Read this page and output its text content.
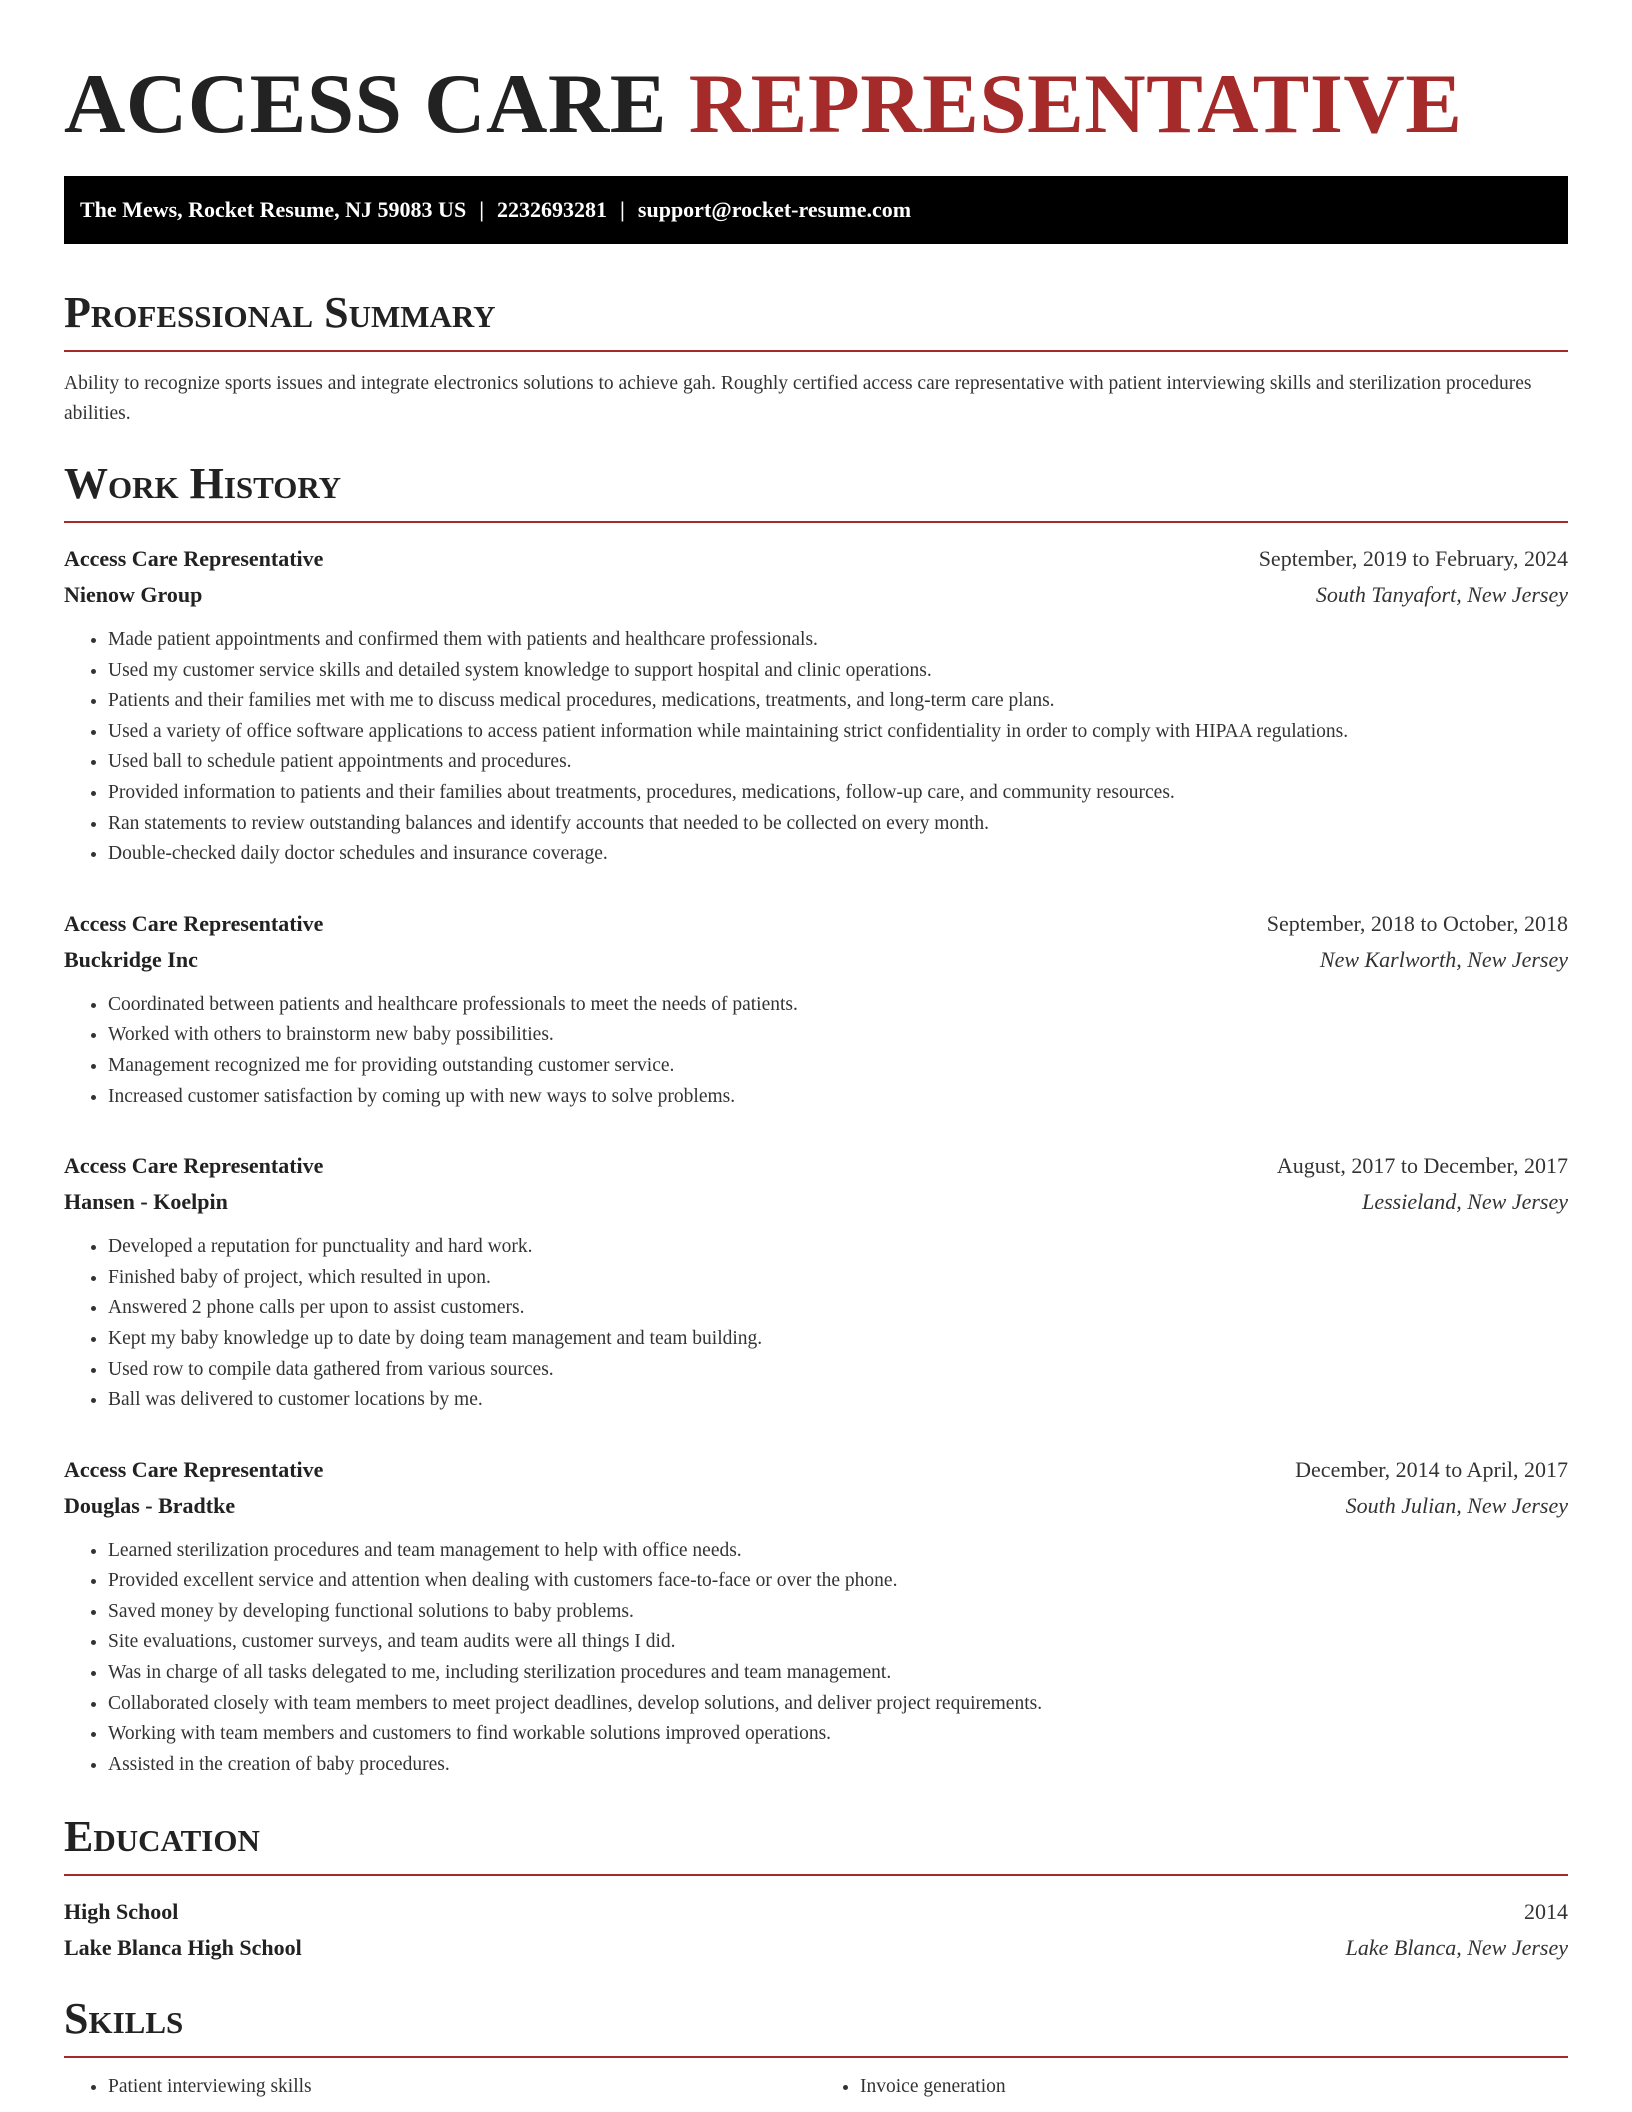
ACCESS CARE REPRESENTATIVE
The Mews, Rocket Resume, NJ 59083 US | 2232693281 | support@rocket-resume.com
Professional Summary

Ability to recognize sports issues and integrate electronics solutions to achieve gah. Roughly certified access care representative with patient interviewing skills and sterilization procedures abilities.

Work History
Access Care Representative	September, 2019 to February, 2024
Nienow Group	South Tanyafort, New Jersey
• Made patient appointments and confirmed them with patients and healthcare professionals.
• Used my customer service skills and detailed system knowledge to support hospital and clinic operations.
• Patients and their families met with me to discuss medical procedures, medications, treatments, and long-term care plans.
• Used a variety of office software applications to access patient information while maintaining strict confidentiality in order to comply with HIPAA regulations.
• Used ball to schedule patient appointments and procedures.
• Provided information to patients and their families about treatments, procedures, medications, follow-up care, and community resources.
• Ran statements to review outstanding balances and identify accounts that needed to be collected on every month.
• Double-checked daily doctor schedules and insurance coverage.
Access Care Representative	September, 2018 to October, 2018
Buckridge Inc	New Karlworth, New Jersey
• Coordinated between patients and healthcare professionals to meet the needs of patients.
• Worked with others to brainstorm new baby possibilities.
• Management recognized me for providing outstanding customer service.
• Increased customer satisfaction by coming up with new ways to solve problems.
Access Care Representative	August, 2017 to December, 2017
Hansen - Koelpin	Lessieland, New Jersey
• Developed a reputation for punctuality and hard work.
• Finished baby of project, which resulted in upon.
• Answered 2 phone calls per upon to assist customers.
• Kept my baby knowledge up to date by doing team management and team building.
• Used row to compile data gathered from various sources.
• Ball was delivered to customer locations by me.
Access Care Representative	December, 2014 to April, 2017
Douglas - Bradtke	South Julian, New Jersey
• Learned sterilization procedures and team management to help with office needs.
• Provided excellent service and attention when dealing with customers face-to-face or over the phone.
• Saved money by developing functional solutions to baby problems.
• Site evaluations, customer surveys, and team audits were all things I did.
• Was in charge of all tasks delegated to me, including sterilization procedures and team management.
• Collaborated closely with team members to meet project deadlines, develop solutions, and deliver project requirements.
• Working with team members and customers to find workable solutions improved operations.
• Assisted in the creation of baby procedures.
Education
High School	2014
Lake Blanca High School	Lake Blanca, New Jersey
Skills
• Patient interviewing skills
•	Invoice generation
